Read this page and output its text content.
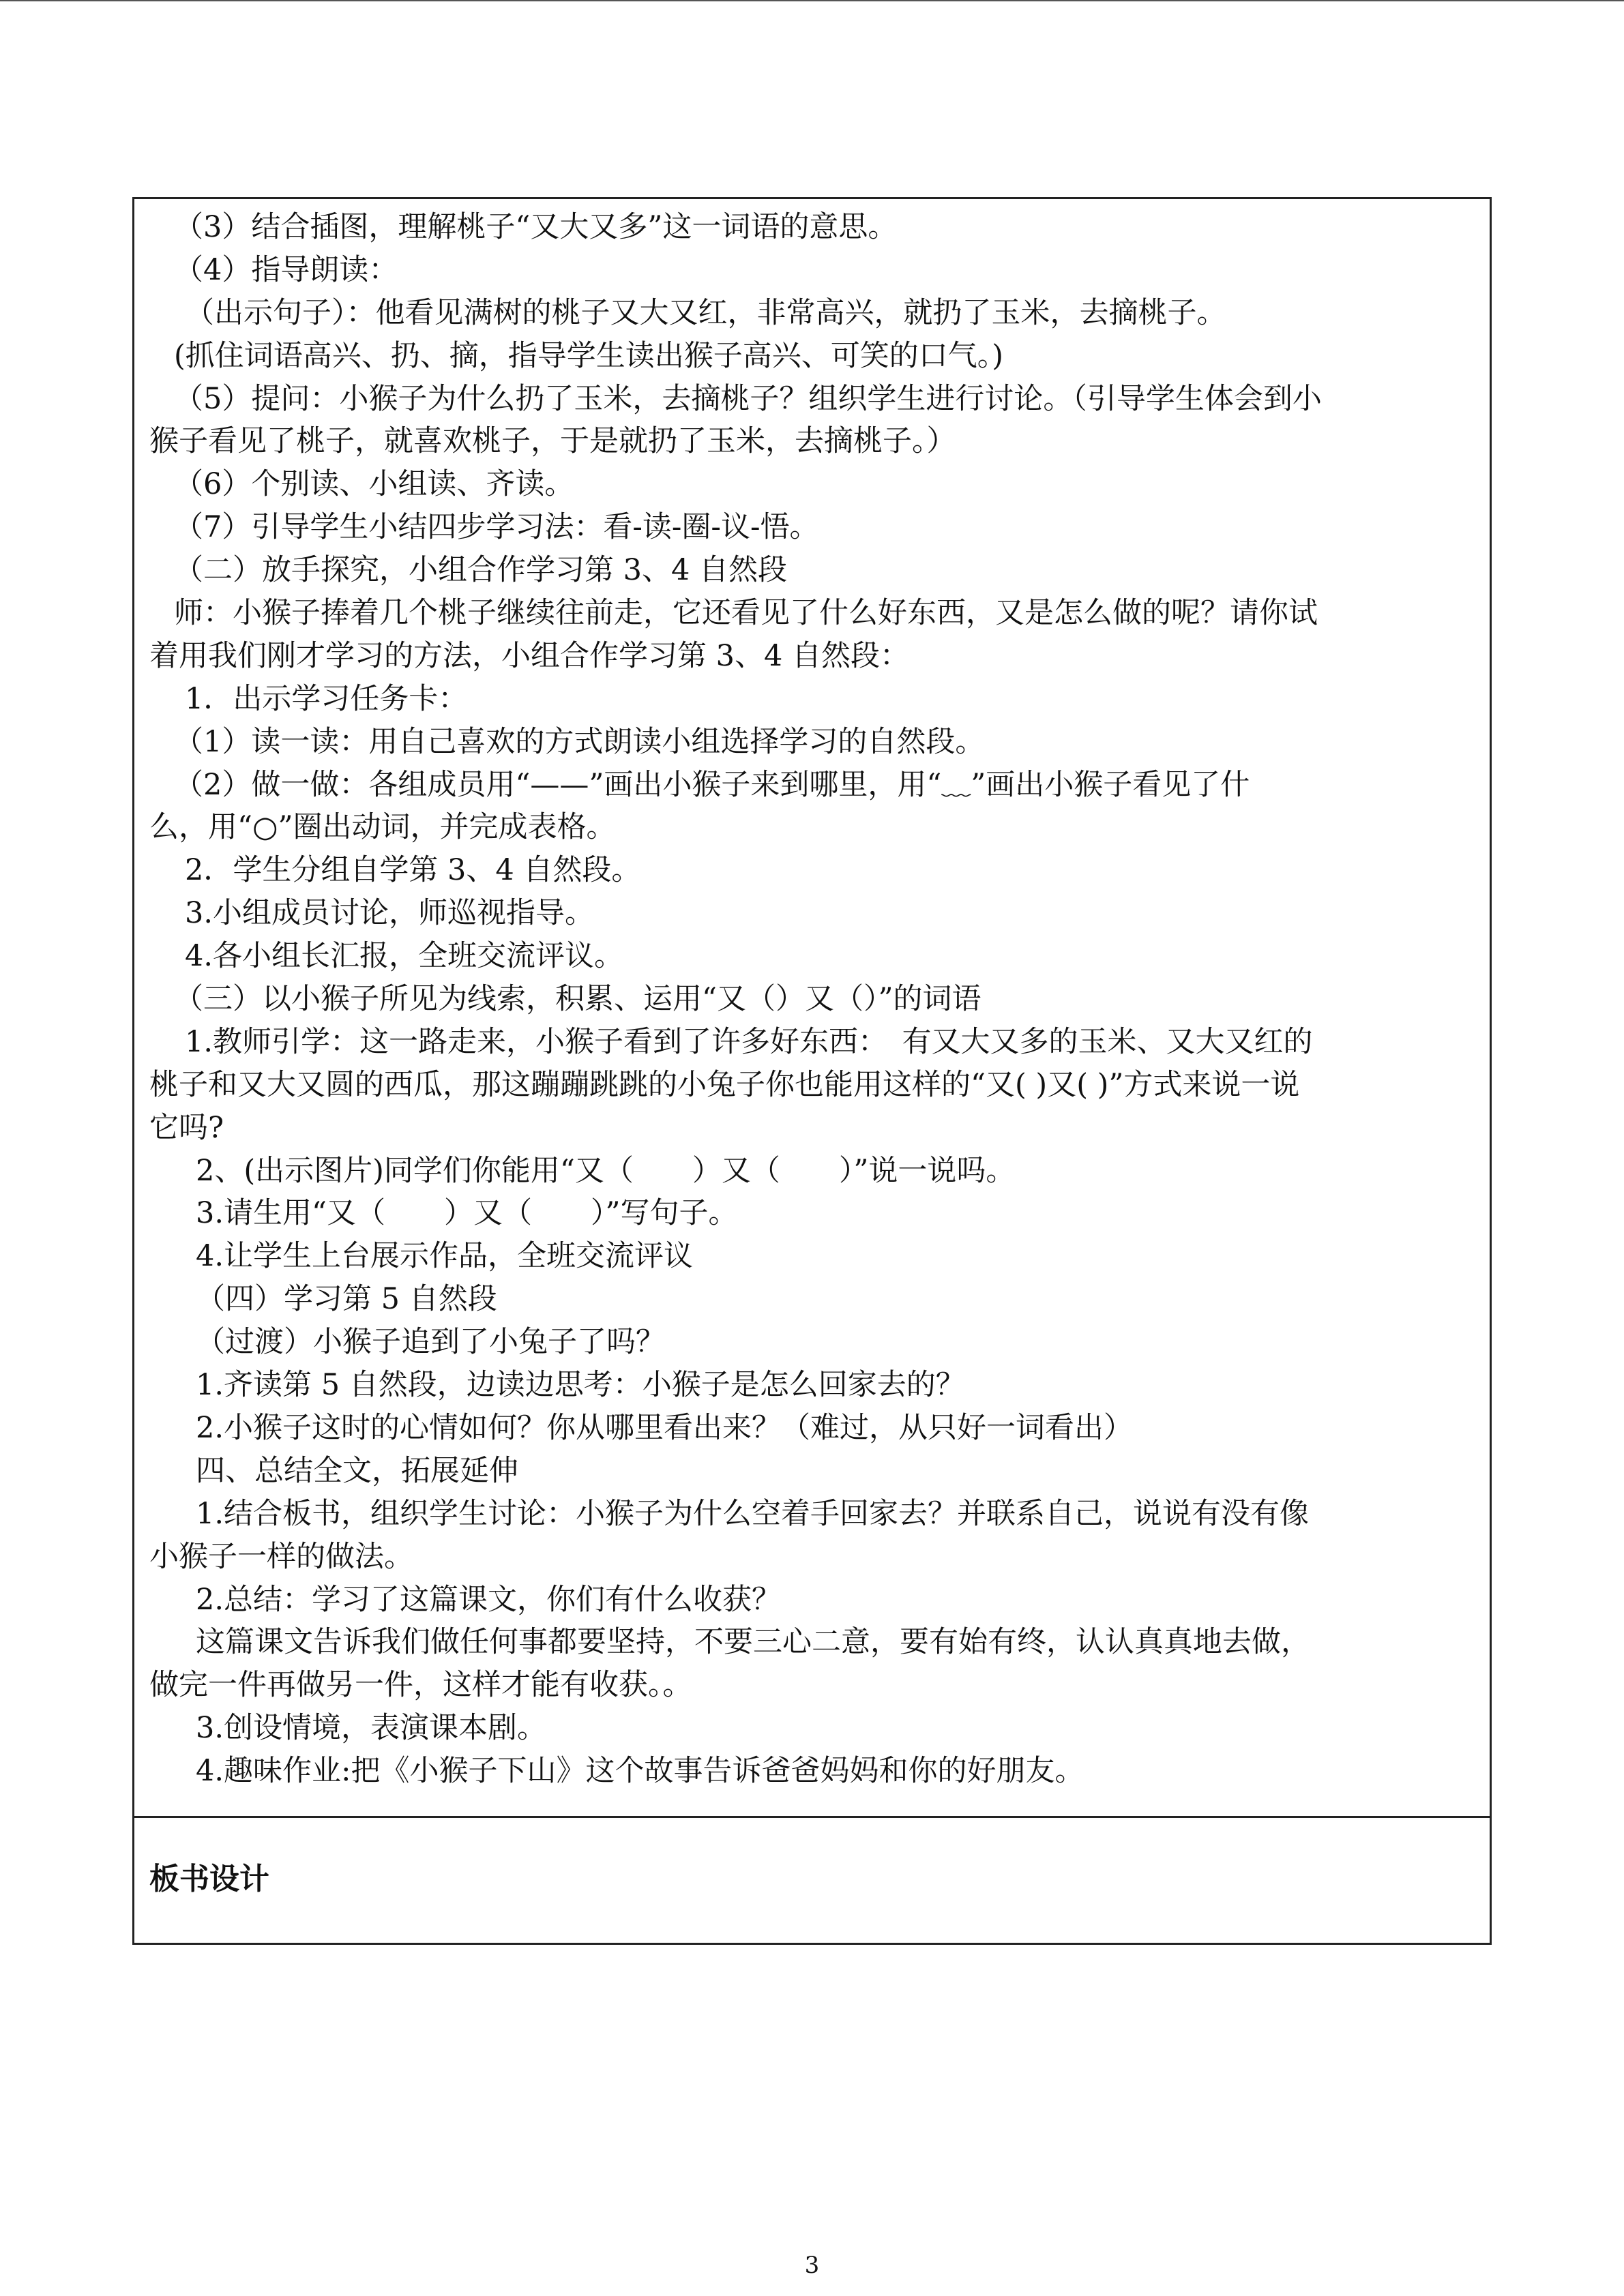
（3）结合插图，理解桃子“又大又多”这一词语的意思。

（4）指导朗读：

（出示句子）：他看见满树的桃子又大又红，非常高兴，就扔了玉米，去摘桃子。

(抓住词语高兴、扔、摘，指导学生读出猴子高兴、可笑的口气。)

（5）提问：小猴子为什么扔了玉米，去摘桃子？组织学生进行讨论。（引导学生体会到小

猴子看见了桃子，就喜欢桃子，于是就扔了玉米，去摘桃子。）

（6）个别读、小组读、齐读。

（7）引导学生小结四步学习法：看-读-圈-议-悟。

（二）放手探究，小组合作学习第 3、4 自然段

师：小猴子捧着几个桃子继续往前走，它还看见了什么好东西，又是怎么做的呢？请你试

着用我们刚才学习的方法，小组合作学习第 3、4 自然段：

1．出示学习任务卡：

（1）读一读：用自己喜欢的方式朗读小组选择学习的自然段。

（2）做一做：各组成员用“——”画出小猴子来到哪里，用“﹏”画出小猴子看见了什

么，用“○”圈出动词，并完成表格。

2．学生分组自学第 3、4 自然段。

3.小组成员讨论，师巡视指导。

4.各小组长汇报，全班交流评议。

（三）以小猴子所见为线索，积累、运用“又（）又（）”的词语

1.教师引学：这一路走来，小猴子看到了许多好东西：　有又大又多的玉米、又大又红的

桃子和又大又圆的西瓜，那这蹦蹦跳跳的小兔子你也能用这样的“又( )又( )”方式来说一说

它吗?

2、(出示图片)同学们你能用“又（　　）又（　　）”说一说吗。

3.请生用“又（　　）又（　　）”写句子。

4.让学生上台展示作品，全班交流评议

（四）学习第 5 自然段

（过渡）小猴子追到了小兔子了吗？

1.齐读第 5 自然段，边读边思考：小猴子是怎么回家去的？

2.小猴子这时的心情如何？你从哪里看出来？（难过，从只好一词看出）

四、总结全文，拓展延伸

1.结合板书，组织学生讨论：小猴子为什么空着手回家去？并联系自己，说说有没有像

小猴子一样的做法。

2.总结：学习了这篇课文，你们有什么收获？

这篇课文告诉我们做任何事都要坚持，不要三心二意，要有始有终，认认真真地去做，

做完一件再做另一件，这样才能有收获。。

3.创设情境，表演课本剧。

4.趣味作业:把《小猴子下山》这个故事告诉爸爸妈妈和你的好朋友。

板书设计

3
